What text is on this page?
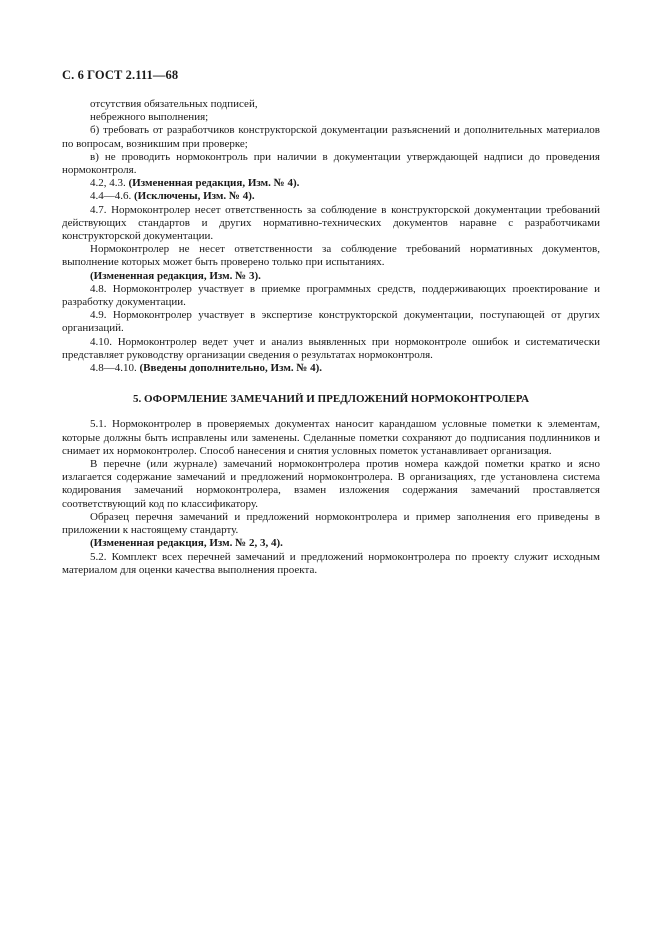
С. 6 ГОСТ 2.111—68

отсутствия обязательных подписей,

небрежного выполнения;

б) требовать от разработчиков конструкторской документации разъяснений и дополнительных материалов по вопросам, возникшим при проверке;

в) не проводить нормоконтроль при наличии в документации утверждающей надписи до проведения нормоконтроля.

4.2, 4.3. (Измененная редакция, Изм. № 4).

4.4—4.6. (Исключены, Изм. № 4).

4.7. Нормоконтролер несет ответственность за соблюдение в конструкторской документации требований действующих стандартов и других нормативно-технических документов наравне с разработчиками конструкторской документации.

Нормоконтролер не несет ответственности за соблюдение требований нормативных документов, выполнение которых может быть проверено только при испытаниях.

(Измененная редакция, Изм. № 3).

4.8. Нормоконтролер участвует в приемке программных средств, поддерживающих проектирование и разработку документации.

4.9. Нормоконтролер участвует в экспертизе конструкторской документации, поступающей от других организаций.

4.10. Нормоконтролер ведет учет и анализ выявленных при нормоконтроле ошибок и систематически представляет руководству организации сведения о результатах нормоконтроля.

4.8—4.10. (Введены дополнительно, Изм. № 4).

5. ОФОРМЛЕНИЕ ЗАМЕЧАНИЙ И ПРЕДЛОЖЕНИЙ НОРМОКОНТРОЛЕРА

5.1. Нормоконтролер в проверяемых документах наносит карандашом условные пометки к элементам, которые должны быть исправлены или заменены. Сделанные пометки сохраняют до подписания подлинников и снимает их нормоконтролер. Способ нанесения и снятия условных пометок устанавливает организация.

В перечне (или журнале) замечаний нормоконтролера против номера каждой пометки кратко и ясно излагается содержание замечаний и предложений нормоконтролера. В организациях, где установлена система кодирования замечаний нормоконтролера, взамен изложения содержания замечаний проставляется соответствующий код по классификатору.

Образец перечня замечаний и предложений нормоконтролера и пример заполнения его приведены в приложении к настоящему стандарту.

(Измененная редакция, Изм. № 2, 3, 4).

5.2. Комплект всех перечней замечаний и предложений нормоконтролера по проекту служит исходным материалом для оценки качества выполнения проекта.
